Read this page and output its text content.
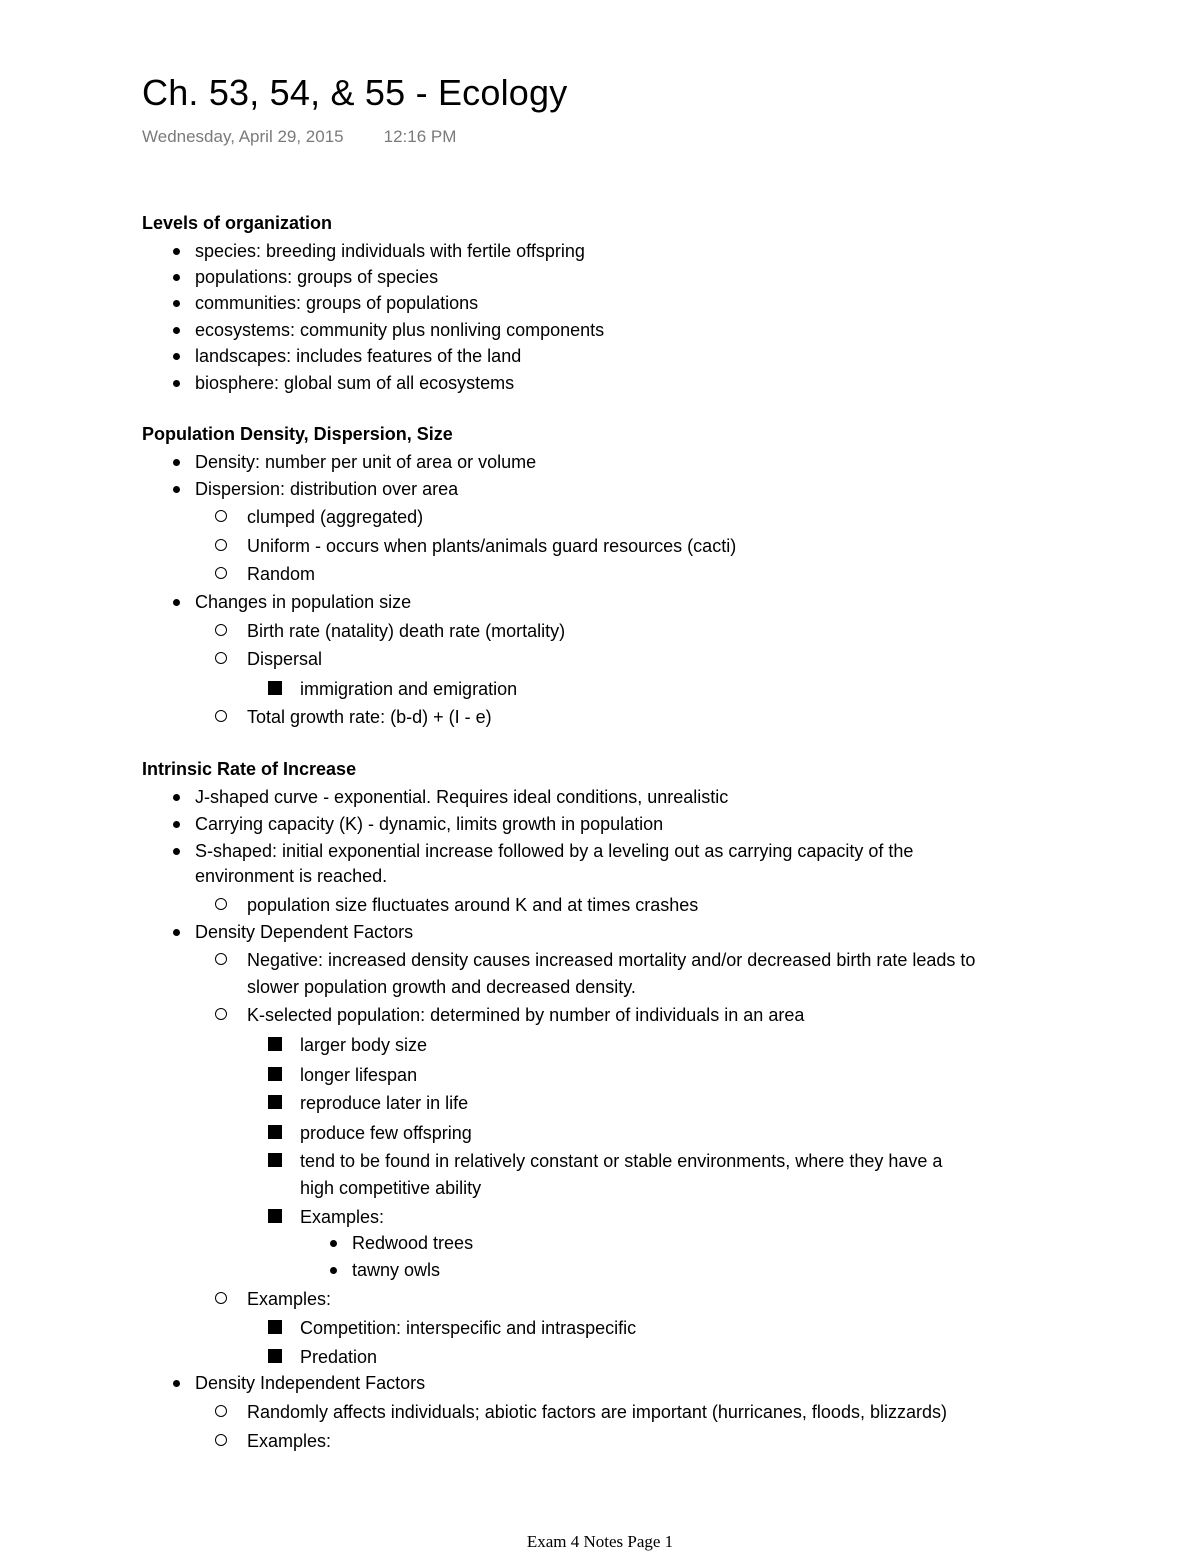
Ch. 53, 54, & 55 - Ecology
Wednesday, April 29, 2015 12:16 PM
Levels of organization
species: breeding individuals with fertile offspring
populations: groups of species
communities: groups of populations
ecosystems: community plus nonliving components
landscapes: includes features of the land
biosphere: global sum of all ecosystems
Population Density, Dispersion, Size
Density: number per unit of area or volume
Dispersion: distribution over area
clumped (aggregated)
Uniform - occurs when plants/animals guard resources (cacti)
Random
Changes in population size
Birth rate (natality) death rate (mortality)
Dispersal
immigration and emigration
Total growth rate: (b-d) + (I - e)
Intrinsic Rate of Increase
J-shaped curve - exponential. Requires ideal conditions, unrealistic
Carrying capacity (K) - dynamic, limits growth in population
S-shaped: initial exponential increase followed by a leveling out as carrying capacity of the
environment is reached.
population size fluctuates around K and at times crashes
Density Dependent Factors
Negative: increased density causes increased mortality and/or decreased birth rate leads to
slower population growth and decreased density.
K-selected population: determined by number of individuals in an area
larger body size
longer lifespan
reproduce later in life
produce few offspring
tend to be found in relatively constant or stable environments, where they have a
high competitive ability
Examples:
Redwood trees
tawny owls
Examples:
Competition: interspecific and intraspecific
Predation
Density Independent Factors
Randomly affects individuals; abiotic factors are important (hurricanes, floods, blizzards)
Examples:
Exam 4 Notes Page 1
